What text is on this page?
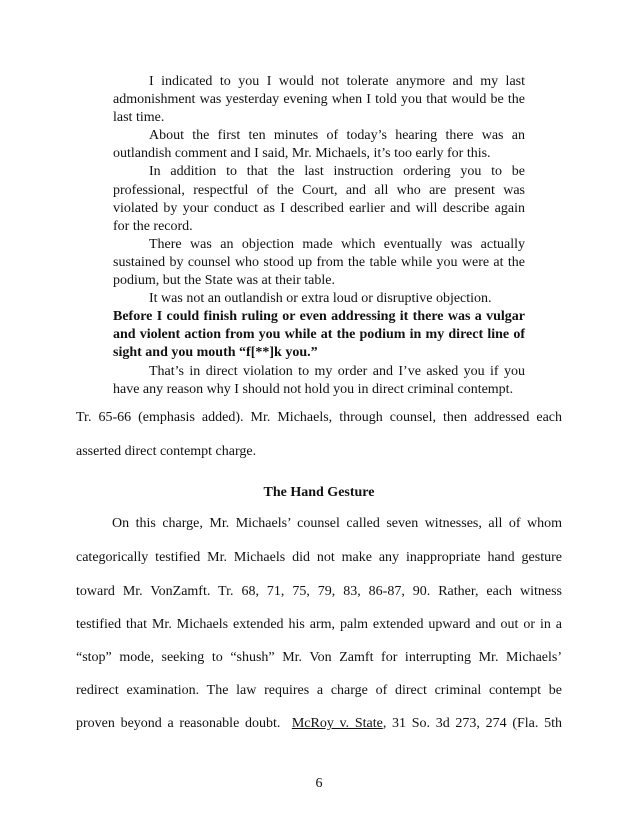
I indicated to you I would not tolerate anymore and my last admonishment was yesterday evening when I told you that would be the last time.

About the first ten minutes of today’s hearing there was an outlandish comment and I said, Mr. Michaels, it’s too early for this.

In addition to that the last instruction ordering you to be professional, respectful of the Court, and all who are present was violated by your conduct as I described earlier and will describe again for the record.

There was an objection made which eventually was actually sustained by counsel who stood up from the table while you were at the podium, but the State was at their table.

It was not an outlandish or extra loud or disruptive objection.

Before I could finish ruling or even addressing it there was a vulgar and violent action from you while at the podium in my direct line of sight and you mouth “f[**]k you.”

That’s in direct violation to my order and I’ve asked you if you have any reason why I should not hold you in direct criminal contempt.

Tr. 65-66 (emphasis added). Mr. Michaels, through counsel, then addressed each
asserted direct contempt charge.
The Hand Gesture
On this charge, Mr. Michaels’ counsel called seven witnesses, all of whom
categorically testified Mr. Michaels did not make any inappropriate hand gesture
toward Mr. VonZamft. Tr. 68, 71, 75, 79, 83, 86-87, 90. Rather, each witness
testified that Mr. Michaels extended his arm, palm extended upward and out or in a
“stop” mode, seeking to “shush” Mr. Von Zamft for interrupting Mr. Michaels’
redirect examination. The law requires a charge of direct criminal contempt be
proven beyond a reasonable doubt. McRoy v. State, 31 So. 3d 273, 274 (Fla. 5th
6
